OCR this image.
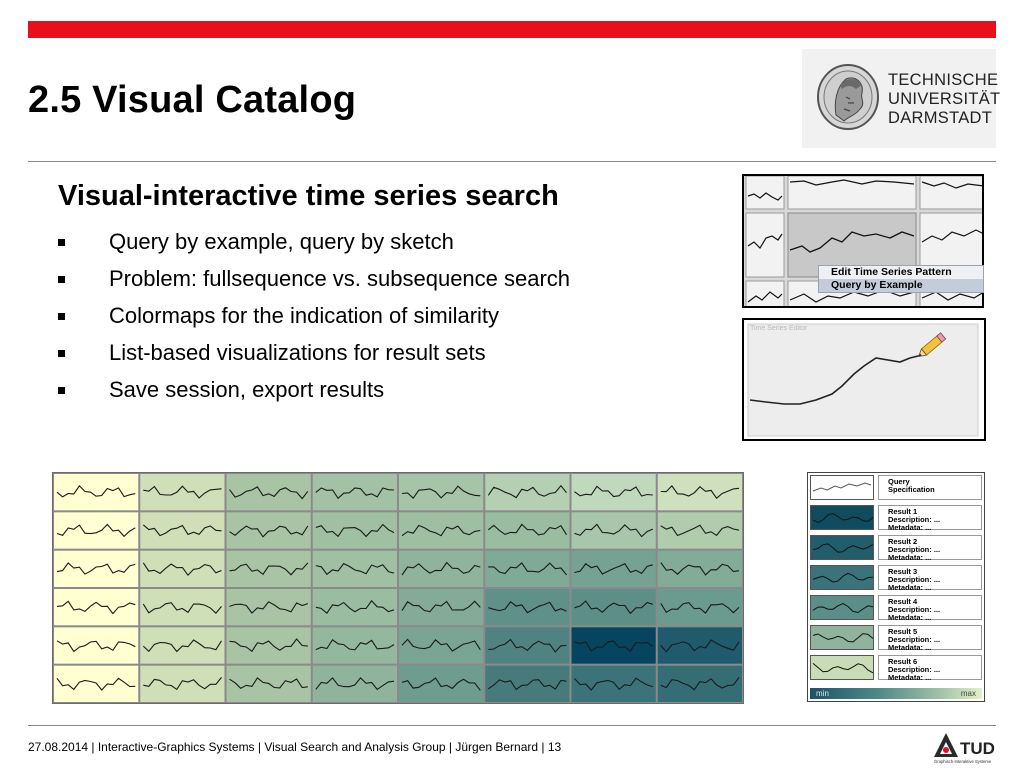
2.5 Visual Catalog	TECHNISCHE
UNIVERSITÄT
DARMSTADT
Visual-interactive time series search
Query by example, query by sketch
Problem: fullsequence vs. subsequence search
Colormaps for the indication of similarity
List-based visualizations for result sets
Save session, export results
Edit Time Series Pattern
Query by Example
Time Series Editor
Query
Specification
Result 1
Description: ...
Metadata: ...
Result 2
Description: ...
Metadata: ...
Result 3
Description: ...
Metadata: ...
Result 4
Description: ...
Metadata: ...
Result 5
Description: ...
Metadata: ...
Result 6
Description: ...
Metadata: ...
min	max
27.08.2014 | Interactive-Graphics Systems | Visual Search and Analysis Group | Jürgen Bernard | 13	TUD
Graphisch-Interaktive Systeme
